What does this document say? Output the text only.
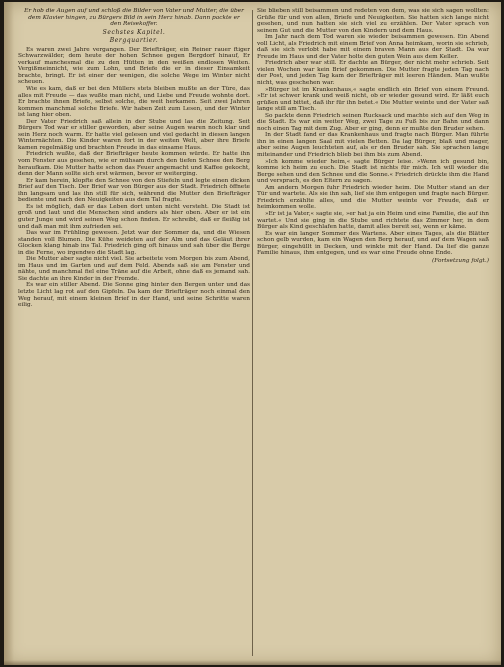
Er hob die Augen auf und schloß die Bilder von Vater und Mutter, die über dem Klavier hingen, zu Bürgers Bild in sein Herz hinab. Dann packte er den Reisekoffer.

Sechstes Kapitel.
Bergquartier.

Es waren zwei Jahre vergangen. Der Briefträger, ein Reiner rauer ftiger Schwarzwälder, dem heute der hohen Schnee gegen Bergdorf hinauf, Er verkauf manchesmal die zu den Hütten in den weißen endlosen Weiten. Vergißmeinnicht, wie zum Lohn, und Briefe die er in dieser Einsamkeit brachte, bringt. Er ist einer der wenigen, die solche Wege im Winter nicht scheuen.

Wie es kam, daß er bei den Müllers stets bleiben mußte an der Türe, das alles mit Freude — das wußte man nicht, und Liebe und Freude wohnte dort. Er brachte ihnen Briefe, selbst solche, die weit herkamen. Seit zwei Jahren kommen manchmal solche Briefe. Wir haben Zeit zum Lesen, und der Winter ist lang hier oben.

Der Vater Friedrich saß allein in der Stube und las die Zeitung. Seit Bürgers Tod war er stiller geworden, aber seine Augen waren noch klar und sein Herz noch warm. Er hatte viel gelesen und viel gedacht in diesen langen Winternächten. Die Kinder waren fort in der weiten Welt, aber ihre Briefe kamen regelmäßig und brachten Freude in das einsame Haus.

Friedrich wußte, daß der Briefträger heute kommen würde. Er hatte ihn vom Fenster aus gesehen, wie er mühsam durch den tiefen Schnee den Berg heraufkam. Die Mutter hatte schon das Feuer angemacht und Kaffee gekocht, denn der Mann sollte sich erst wärmen, bevor er weiterging.

Er kam herein, klopfte den Schnee von den Stiefeln und legte einen dicken Brief auf den Tisch. Der Brief war von Bürger aus der Stadt. Friedrich öffnete ihn langsam und las ihn still für sich, während die Mutter den Briefträger bediente und nach den Neuigkeiten aus dem Tal fragte.

Es ist möglich, daß er das Leben dort unten nicht versteht. Die Stadt ist groß und laut und die Menschen sind anders als hier oben. Aber er ist ein guter Junge und wird seinen Weg schon finden. Er schreibt, daß er fleißig ist und daß man mit ihm zufrieden sei.

Das war im Frühling gewesen. Jetzt war der Sommer da, und die Wiesen standen voll Blumen. Die Kühe weideten auf der Alm und das Geläut ihrer Glocken klang hinab ins Tal. Friedrich ging oft hinaus und sah über die Berge in die Ferne, wo irgendwo die Stadt lag.

Die Mutter aber sagte nicht viel. Sie arbeitete vom Morgen bis zum Abend, im Haus und im Garten und auf dem Feld. Abends saß sie am Fenster und nähte, und manchmal fiel eine Träne auf die Arbeit, ohne daß es jemand sah. Sie dachte an ihre Kinder in der Fremde.

Es war ein stiller Abend. Die Sonne ging hinter den Bergen unter und das letzte Licht lag rot auf den Gipfeln. Da kam der Briefträger noch einmal den Weg herauf, mit einem kleinen Brief in der Hand, und seine Schritte waren eilig.

Sie blieben still beisammen und redeten von dem, was sie sich sagen wollten: Grüße für und von allen, Briefe und Neuigkeiten. Sie hatten sich lange nicht gesehen, und nun hatten sie sich viel zu erzählen. Der Vater sprach von seinem Gut und die Mutter von den Kindern und dem Haus.

Im Jahr nach dem Tod waren sie wieder beisammen gewesen. Ein Abend voll Licht, als Friedrich mit einem Brief von Anna heimkam, worin sie schrieb, daß sie sich verlobt habe mit einem braven Mann aus der Stadt. Da war Freude im Haus und der Vater holte den guten Wein aus dem Keller.

Friedrich aber war still. Er dachte an Bürger, der nicht mehr schrieb. Seit vielen Wochen war kein Brief gekommen. Die Mutter fragte jeden Tag nach der Post, und jeden Tag kam der Briefträger mit leeren Händen. Man wußte nicht, was geschehen war.

»Bürger ist im Krankenhaus,« sagte endlich ein Brief von einem Freund. »Er ist schwer krank und weiß nicht, ob er wieder gesund wird. Er läßt euch grüßen und bittet, daß ihr für ihn betet.« Die Mutter weinte und der Vater saß lange still am Tisch.

So packte denn Friedrich seinen Rucksack und machte sich auf den Weg in die Stadt. Es war ein weiter Weg, zwei Tage zu Fuß bis zur Bahn und dann noch einen Tag mit dem Zug. Aber er ging, denn er mußte den Bruder sehen.

In der Stadt fand er das Krankenhaus und fragte nach Bürger. Man führte ihn in einen langen Saal mit vielen Betten. Da lag Bürger, blaß und mager, aber seine Augen leuchteten auf, als er den Bruder sah. Sie sprachen lange miteinander und Friedrich blieb bei ihm bis zum Abend.

»Ich komme wieder heim,« sagte Bürger leise. »Wenn ich gesund bin, komme ich heim zu euch. Die Stadt ist nichts für mich. Ich will wieder die Berge sehen und den Schnee und die Sonne.« Friedrich drückte ihm die Hand und versprach, es den Eltern zu sagen.

Am andern Morgen fuhr Friedrich wieder heim. Die Mutter stand an der Tür und wartete. Als sie ihn sah, lief sie ihm entgegen und fragte nach Bürger. Friedrich erzählte alles, und die Mutter weinte vor Freude, daß er heimkommen wolle.

»Er ist ja Vater,« sagte sie, »er hat ja ein Heim und eine Familie, die auf ihn wartet.« Und sie ging in die Stube und richtete das Zimmer her, in dem Bürger als Kind geschlafen hatte, damit alles bereit sei, wenn er käme.

Es war ein langer Sommer des Wartens. Aber eines Tages, als die Blätter schon gelb wurden, kam ein Wagen den Berg herauf, und auf dem Wagen saß Bürger, eingehüllt in Decken, und winkte mit der Hand. Da lief die ganze Familie hinaus, ihm entgegen, und es war eine Freude ohne Ende.

(Fortsetzung folgt.)
